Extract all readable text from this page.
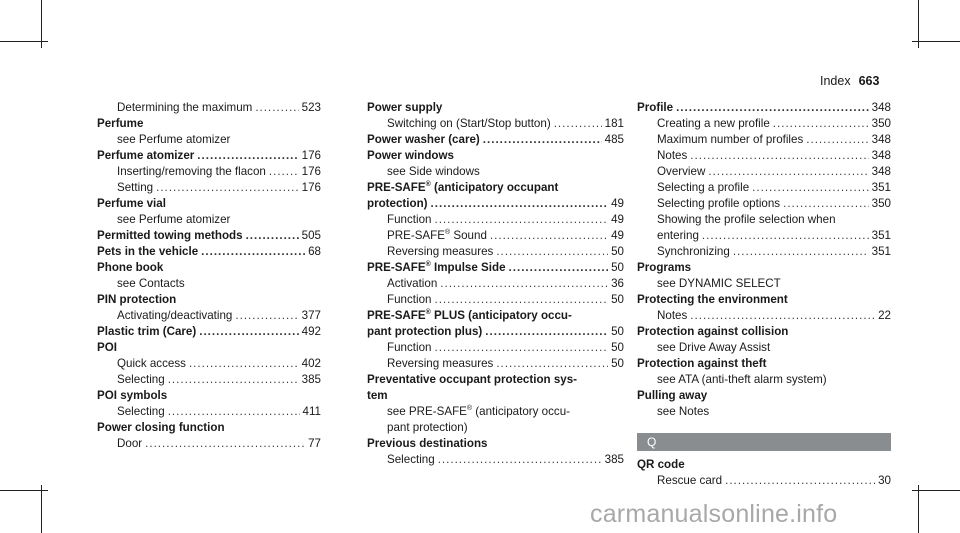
Index 663
Determining the maximum .....	523
Perfume
see Perfume atomizer
Perfume atomizer .....	176
Inserting/removing the flacon .....	176
Setting .....	176
Perfume vial
see Perfume atomizer
Permitted towing methods .....	505
Pets in the vehicle .....	68
Phone book
see Contacts
PIN protection
Activating/deactivating .....	377
Plastic trim (Care) .....	492
POI
Quick access .....	402
Selecting .....	385
POI symbols
Selecting .....	411
Power closing function
Door .....	77
Power supply
Switching on (Start/Stop button) .....	181
Power washer (care) .....	485
Power windows
see Side windows
PRE-SAFE® (anticipatory occupant
protection) .....	49
Function .....	49
PRE-SAFE® Sound .....	49
Reversing measures .....	50
PRE-SAFE® Impulse Side .....	50
Activation .....	36
Function .....	50
PRE-SAFE® PLUS (anticipatory occu-
pant protection plus) .....	50
Function .....	50
Reversing measures .....	50
Preventative occupant protection sys-
tem
see PRE-SAFE® (anticipatory occu-
pant protection)
Previous destinations
Selecting .....	385
Profile .....	348
Creating a new profile .....	350
Maximum number of profiles .....	348
Notes .....	348
Overview .....	348
Selecting a profile .....	351
Selecting profile options .....	350
Showing the profile selection when
entering .....	351
Synchronizing .....	351
Programs
see DYNAMIC SELECT
Protecting the environment
Notes .....	22
Protection against collision
see Drive Away Assist
Protection against theft
see ATA (anti-theft alarm system)
Pulling away
see Notes
Q
QR code
Rescue card .....	30
carmanualsonline.info
